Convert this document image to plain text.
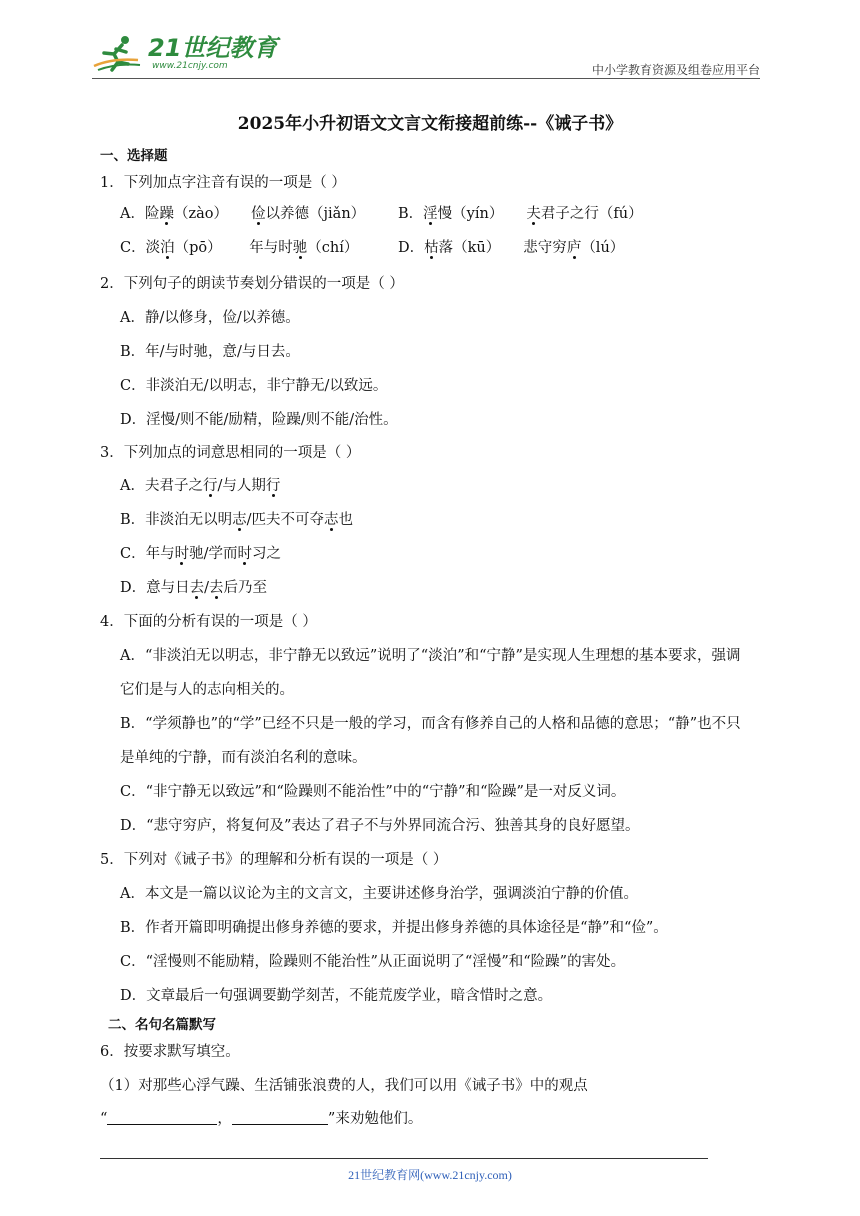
21世纪教育
www.21cnjy.com	中小学教育资源及组卷应用平台
2025年小升初语文文言文衔接超前练--《诫子书》
一、选择题
1．下列加点字注音有误的一项是（ ）
A．险躁（zào）     俭以养德（jiǎn） B．淫慢（yín）     夫君子之行（fú）
C．淡泊（pō）      年与时驰（chí）	D．枯落（kū）     悲守穷庐（lú）
2．下列句子的朗读节奏划分错误的一项是（ ）
A．静/以修身，俭/以养德。
B．年/与时驰，意/与日去。
C．非淡泊无/以明志，非宁静无/以致远。
D．淫慢/则不能/励精，险躁/则不能/治性。
3．下列加点的词意思相同的一项是（ ）
A．夫君子之行/与人期行
B．非淡泊无以明志/匹夫不可夺志也
C．年与时驰/学而时习之
D．意与日去/去后乃至
4．下面的分析有误的一项是（ ）
A．“非淡泊无以明志，非宁静无以致远”说明了“淡泊”和“宁静”是实现人生理想的基本要求，强调
它们是与人的志向相关的。
B．“学须静也”的“学”已经不只是一般的学习，而含有修养自己的人格和品德的意思；“静”也不只
是单纯的宁静，而有淡泊名利的意味。
C．“非宁静无以致远”和“险躁则不能治性”中的“宁静”和“险躁”是一对反义词。
D．“悲守穷庐，将复何及”表达了君子不与外界同流合污、独善其身的良好愿望。
5．下列对《诫子书》的理解和分析有误的一项是（ ）
A．本文是一篇以议论为主的文言文，主要讲述修身治学，强调淡泊宁静的价值。
B．作者开篇即明确提出修身养德的要求，并提出修身养德的具体途径是“静”和“俭”。
C．“淫慢则不能励精，险躁则不能治性”从正面说明了“淫慢”和“险躁”的害处。
D．文章最后一句强调要勤学刻苦，不能荒废学业，暗含惜时之意。
二、名句名篇默写
6．按要求默写填空。
（1）对那些心浮气躁、生活铺张浪费的人，我们可以用《诫子书》中的观点
“	，	”来劝勉他们。
21世纪教育网(www.21cnjy.com)
